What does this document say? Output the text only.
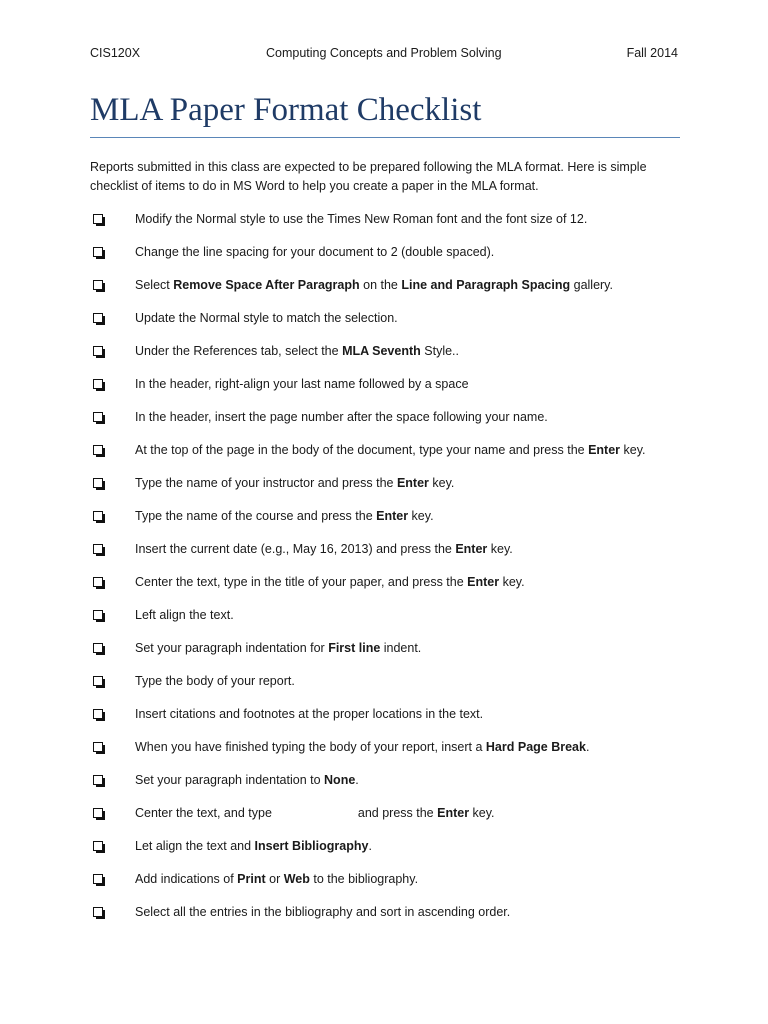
CIS120X	Computing Concepts and Problem Solving	Fall 2014
MLA Paper Format Checklist

Reports submitted in this class are expected to be prepared following the MLA format. Here is simple checklist of items to do in MS Word to help you create a paper in the MLA format.

Modify the Normal style to use the Times New Roman font and the font size of 12.
Change the line spacing for your document to 2 (double spaced).
Select Remove Space After Paragraph on the Line and Paragraph Spacing gallery.
Update the Normal style to match the selection.
Under the References tab, select the MLA Seventh Style..
In the header, right-align your last name followed by a space
In the header, insert the page number after the space following your name.
At the top of the page in the body of the document, type your name and press the Enter key.
Type the name of your instructor and press the Enter key.
Type the name of the course and press the Enter key.
Insert the current date (e.g., May 16, 2013) and press the Enter key.
Center the text, type in the title of your paper, and press the Enter key.
Left align the text.
Set your paragraph indentation for First line indent.
Type the body of your report.
Insert citations and footnotes at the proper locations in the text.
When you have finished typing the body of your report, insert a Hard Page Break.
Set your paragraph indentation to None.
Center the text, and type	and press the Enter key.
Let align the text and Insert Bibliography.
Add indications of Print or Web to the bibliography.
Select all the entries in the bibliography and sort in ascending order.
